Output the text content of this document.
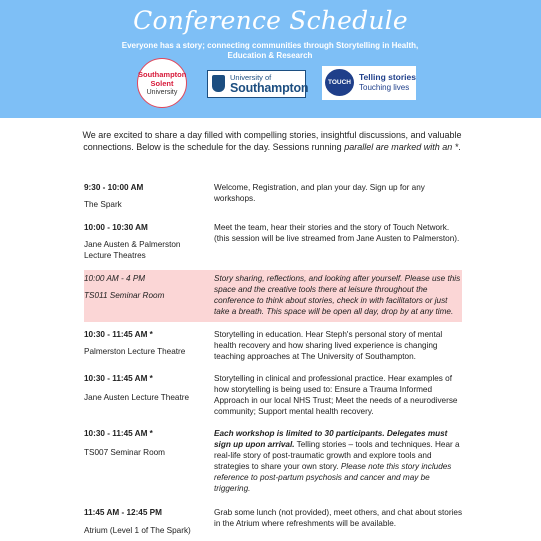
Conference Schedule
Everyone has a story; connecting communities through Storytelling in Health, Education & Research
Southampton
Solent
University
University of
Southampton	TOUCH
Telling stories
Touching lives
We are excited to share a day filled with compelling stories, insightful discussions, and valuable connections. Below is the schedule for the day. Sessions running parallel are marked with an *.
9:30 - 10:00 AM
The Spark
Welcome, Registration, and plan your day. Sign up for any workshops.
10:00 - 10:30 AM
Jane Austen & Palmerston Lecture Theatres
Meet the team, hear their stories and the story of Touch Network. (this session will be live streamed from Jane Austen to Palmerston).
10:00 AM - 4 PM
TS011 Seminar Room
Story sharing, reflections, and looking after yourself. Please use this space and the creative tools there at leisure throughout the conference to think about stories, check in with facilitators or just take a breath. This space will be open all day, drop by at any time.
10:30 - 11:45 AM *
Palmerston Lecture Theatre
Storytelling in education. Hear Steph's personal story of mental health recovery and how sharing lived experience is changing teaching approaches at The University of Southampton.
10:30 - 11:45 AM *
Jane Austen Lecture Theatre
Storytelling in clinical and professional practice. Hear examples of how storytelling is being used to: Ensure a Trauma Informed Approach in our local NHS Trust; Meet the needs of a neurodiverse community; Support mental health recovery.
10:30 - 11:45 AM *
TS007 Seminar Room
Each workshop is limited to 30 participants. Delegates must sign up upon arrival. Telling stories – tools and techniques. Hear a real-life story of post-traumatic growth and explore tools and strategies to share your own story. Please note this story includes reference to post-partum psychosis and cancer and may be triggering.
11:45 AM - 12:45 PM
Atrium (Level 1 of The Spark)
Grab some lunch (not provided), meet others, and chat about stories in the Atrium where refreshments will be available.
